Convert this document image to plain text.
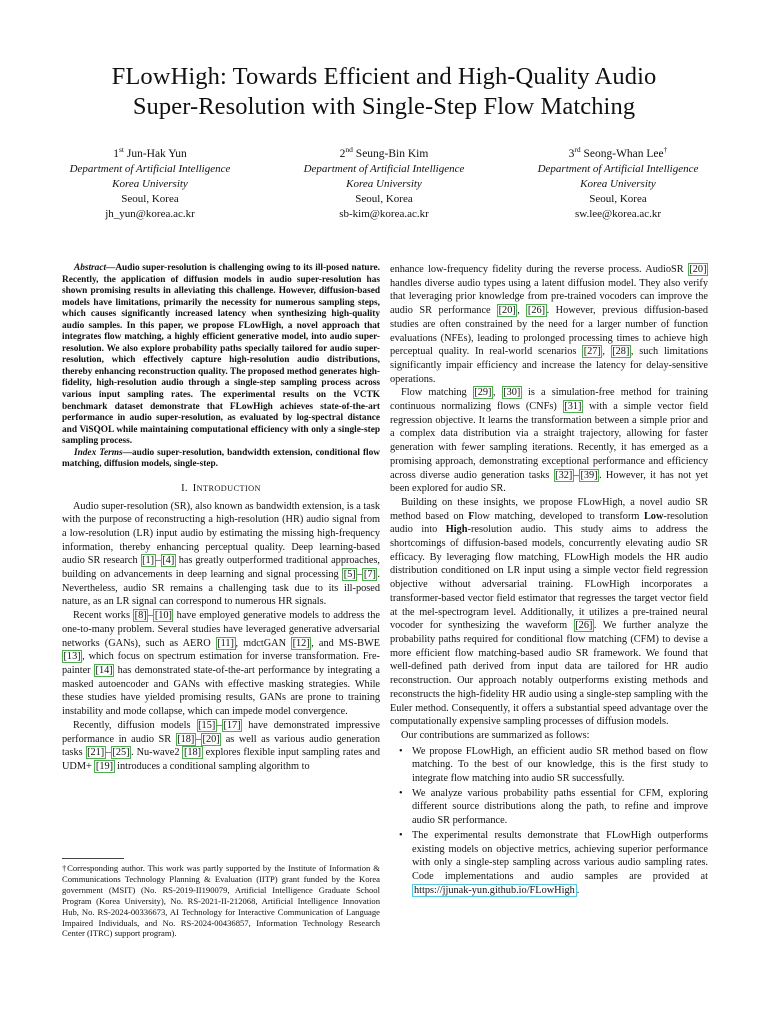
FLowHigh: Towards Efficient and High-Quality Audio
Super-Resolution with Single-Step Flow Matching
1st Jun-Hak Yun
Department of Artificial Intelligence
Korea University
Seoul, Korea
jh_yun@korea.ac.kr
2nd Seung-Bin Kim
Department of Artificial Intelligence
Korea University
Seoul, Korea
sb-kim@korea.ac.kr
3rd Seong-Whan Lee†
Department of Artificial Intelligence
Korea University
Seoul, Korea
sw.lee@korea.ac.kr

Abstract—Audio super-resolution is challenging owing to its ill-posed nature. Recently, the application of diffusion models in audio super-resolution has shown promising results in alleviating this challenge. However, diffusion-based models have limitations, primarily the necessity for numerous sampling steps, which causes significantly increased latency when synthesizing high-quality audio samples. In this paper, we propose FLowHigh, a novel approach that integrates flow matching, a highly efficient generative model, into audio super-resolution. We also explore probability paths specially tailored for audio super-resolution, which effectively capture high-resolution audio distributions, thereby enhancing reconstruction quality. The proposed method generates high-fidelity, high-resolution audio through a single-step sampling process across various input sampling rates. The experimental results on the VCTK benchmark dataset demonstrate that FLowHigh achieves state-of-the-art performance in audio super-resolution, as evaluated by log-spectral distance and ViSQOL while maintaining computational efficiency with only a single-step sampling process.

Index Terms—audio super-resolution, bandwidth extension, conditional flow matching, diffusion models, single-step.

I. INTRODUCTION

Audio super-resolution (SR), also known as bandwidth extension, is a task with the purpose of reconstructing a high-resolution (HR) audio signal from a low-resolution (LR) input audio by estimating the missing high-frequency information, thereby enhancing perceptual quality. Deep learning-based audio SR research [1] – [4] has greatly outperformed traditional approaches, building on advancements in deep learning and signal processing [5] – [7] . Nevertheless, audio SR remains a challenging task due to its ill-posed nature, as an LR signal can correspond to numerous HR signals.

Recent works [8] – [10] have employed generative models to address the one-to-many problem. Several studies have leveraged generative adversarial networks (GANs), such as AERO [11] , mdctGAN [12] , and MS-BWE [13] , which focus on spectrum estimation for inverse transformation. Fre-painter [14] has demonstrated state-of-the-art performance by integrating a masked autoencoder and GANs with effective masking strategies. While these studies have yielded promising results, GANs are prone to training instability and mode collapse, which can impede model convergence.

Recently, diffusion models [15] – [17] have demonstrated impressive performance in audio SR [18] – [20] as well as various audio generation tasks [21] – [25] . Nu-wave2 [18] explores flexible input sampling rates and UDM+ [19] introduces a conditional sampling algorithm to

†Corresponding author. This work was partly supported by the Institute of Information & Communications Technology Planning & Evaluation (IITP) grant funded by the Korea government (MSIT) (No. RS-2019-II190079, Artificial Intelligence Graduate School Program (Korea University), No. RS-2021-II-212068, Artificial Intelligence Innovation Hub, No. RS-2024-00336673, AI Technology for Interactive Communication of Language Impaired Individuals, and No. RS-2024-00436857, Information Technology Research Center (ITRC) support program).

enhance low-frequency fidelity during the reverse process. AudioSR [20] handles diverse audio types using a latent diffusion model. They also verify that leveraging prior knowledge from pre-trained vocoders can improve the audio SR performance [20] , [26] . However, previous diffusion-based studies are often constrained by the need for a larger number of function evaluations (NFEs), leading to prolonged processing times to achieve high perceptual quality. In real-world scenarios [27] , [28] , such limitations significantly impair efficiency and increase the latency for delay-sensitive operations.

Flow matching [29] , [30] is a simulation-free method for training continuous normalizing flows (CNFs) [31] with a simple vector field regression objective. It learns the transformation between a simple prior and a complex data distribution via a straight trajectory, allowing for faster generation with fewer sampling iterations. Recently, it has emerged as a promising approach, demonstrating exceptional performance and efficiency across diverse audio generation tasks [32] – [39] . However, it has not yet been explored for audio SR.

Building on these insights, we propose FLowHigh, a novel audio SR method based on Flow matching, developed to transform Low-resolution audio into High-resolution audio. This study aims to address the shortcomings of diffusion-based models, concurrently elevating audio SR efficacy. By leveraging flow matching, FLowHigh models the HR audio distribution conditioned on LR input using a simple vector field regression objective without adversarial training. FLowHigh incorporates a transformer-based vector field estimator that regresses the target vector field at the mel-spectrogram level. Additionally, it utilizes a pre-trained neural vocoder for synthesizing the waveform [26] . We further analyze the probability paths required for conditional flow matching (CFM) to devise a more efficient flow matching-based audio SR framework. We found that well-defined path derived from input data are tailored for HR audio reconstruction. Our approach notably outperforms existing methods and reconstructs the high-fidelity HR audio using a single-step sampling with the Euler method. Consequently, it offers a substantial speed advantage over the computationally expensive sampling processes of diffusion models.

Our contributions are summarized as follows:

• We propose FLowHigh, an efficient audio SR method based on flow matching. To the best of our knowledge, this is the first study to integrate flow matching into audio SR successfully.
• We analyze various probability paths essential for CFM, exploring different source distributions along the path, to refine and improve audio SR performance.
• The experimental results demonstrate that FLowHigh outperforms existing models on objective metrics, achieving superior performance with only a single-step sampling across various audio sampling rates. Code implementations and audio samples are provided at https://jjunak-yun.github.io/FLowHigh .
